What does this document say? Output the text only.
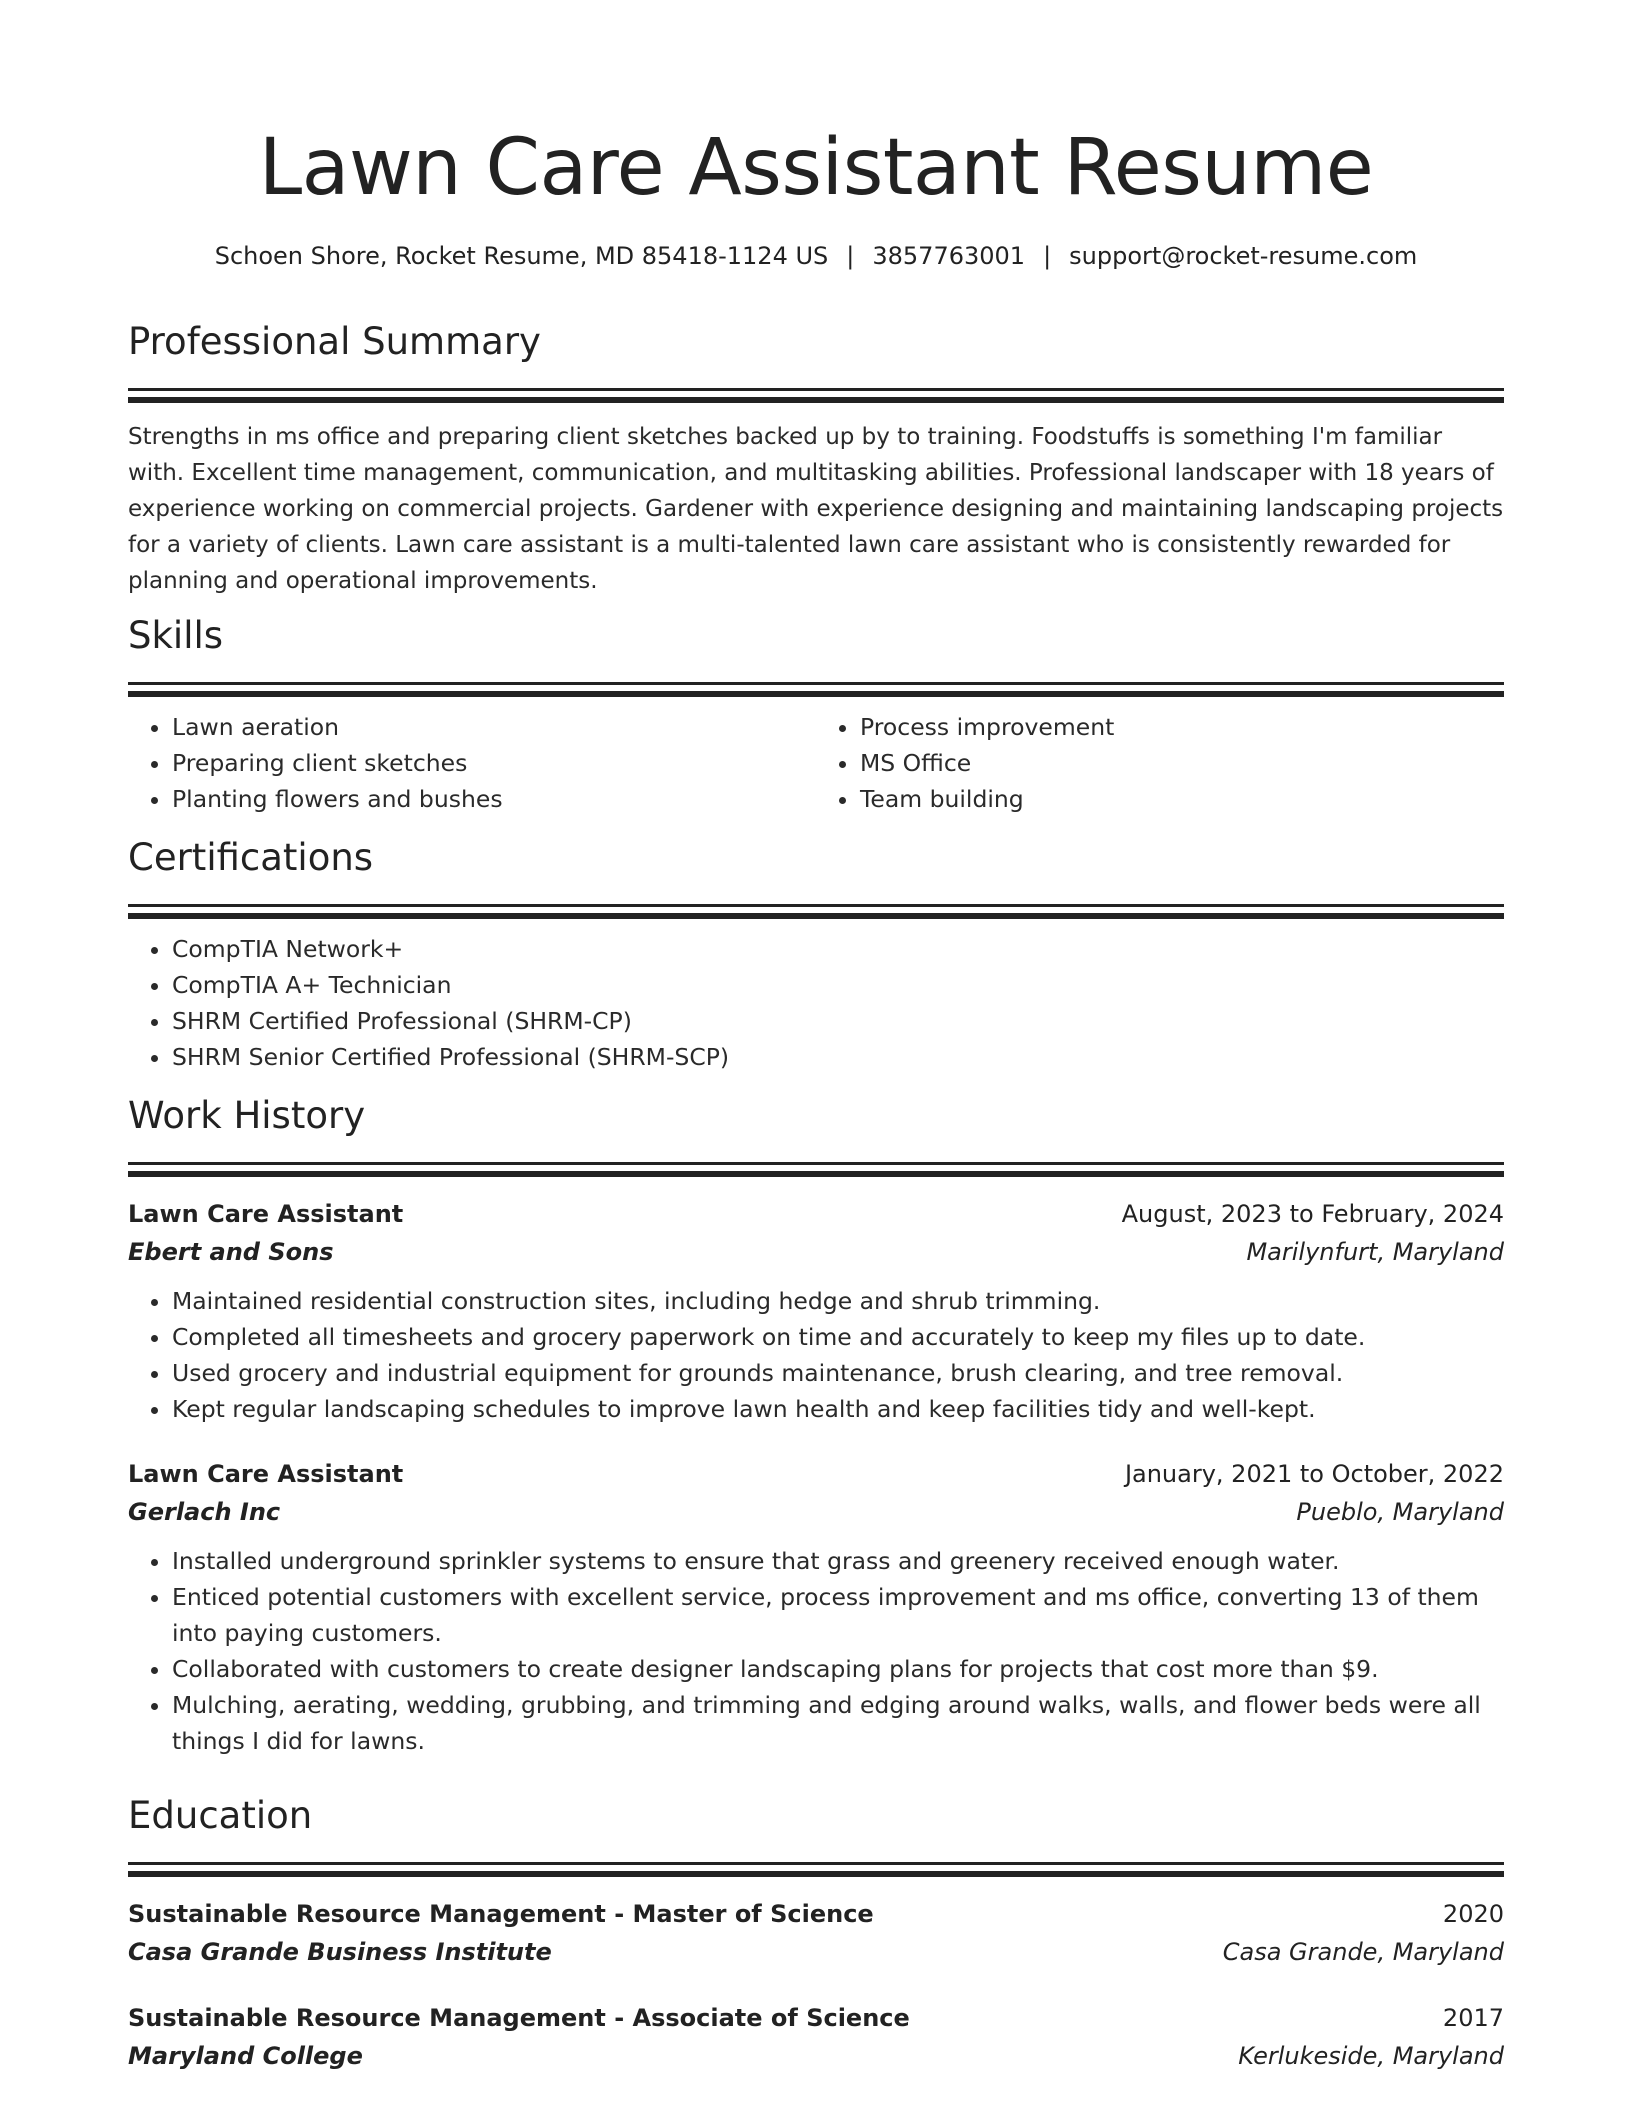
Lawn Care Assistant Resume
Schoen Shore, Rocket Resume, MD 85418-1124 US | 3857763001 | support@rocket-resume.com
Professional Summary
Strengths in ms office and preparing client sketches backed up by to training. Foodstuffs is something I'm familiar with. Excellent time management, communication, and multitasking abilities. Professional landscaper with 18 years of experience working on commercial projects. Gardener with experience designing and maintaining landscaping projects for a variety of clients. Lawn care assistant is a multi-talented lawn care assistant who is consistently rewarded for planning and operational improvements.
Skills
• Lawn aeration
• Preparing client sketches
• Planting flowers and bushes
• Process improvement
• MS Office
• Team building
Certifications
• CompTIA Network+
• CompTIA A+ Technician
• SHRM Certified Professional (SHRM-CP)
• SHRM Senior Certified Professional (SHRM-SCP)
Work History
Lawn Care Assistant	August, 2023 to February, 2024
Ebert and Sons	Marilynfurt, Maryland
• Maintained residential construction sites, including hedge and shrub trimming.
• Completed all timesheets and grocery paperwork on time and accurately to keep my files up to date.
• Used grocery and industrial equipment for grounds maintenance, brush clearing, and tree removal.
• Kept regular landscaping schedules to improve lawn health and keep facilities tidy and well-kept.
Lawn Care Assistant	January, 2021 to October, 2022
Gerlach Inc	Pueblo, Maryland
• Installed underground sprinkler systems to ensure that grass and greenery received enough water.
• Enticed potential customers with excellent service, process improvement and ms office, converting 13 of them into paying customers.
• Collaborated with customers to create designer landscaping plans for projects that cost more than $9.
• Mulching, aerating, wedding, grubbing, and trimming and edging around walks, walls, and flower beds were all things I did for lawns.
Education
Sustainable Resource Management - Master of Science	2020
Casa Grande Business Institute	Casa Grande, Maryland
Sustainable Resource Management - Associate of Science	2017
Maryland College	Kerlukeside, Maryland
